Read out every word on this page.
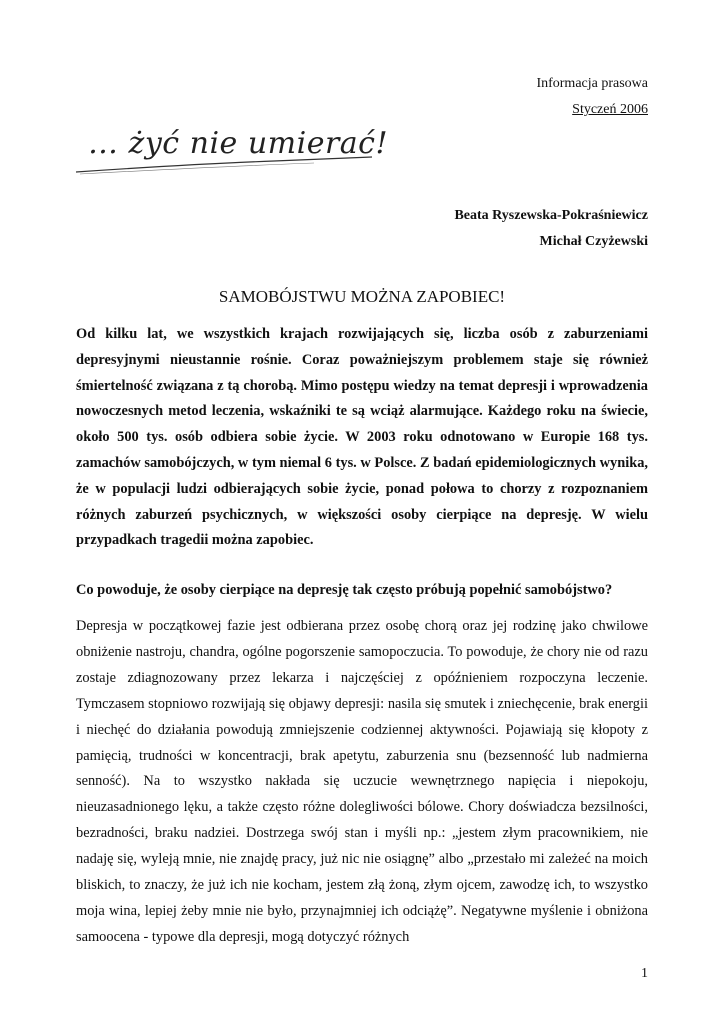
Informacja prasowa
Styczeń 2006
… żyć nie umierać!
Beata Ryszewska-Pokraśniewicz
Michał Czyżewski
SAMOBÓJSTWU MOŻNA ZAPOBIEC!

Od kilku lat, we wszystkich krajach rozwijających się, liczba osób z zaburzeniami depresyjnymi nieustannie rośnie. Coraz poważniejszym problemem staje się również śmiertelność związana z tą chorobą. Mimo postępu wiedzy na temat depresji i wprowadzenia nowoczesnych metod leczenia, wskaźniki te są wciąż alarmujące. Każdego roku na świecie, około 500 tys. osób odbiera sobie życie. W 2003 roku odnotowano w Europie 168 tys. zamachów samobójczych, w tym niemal 6 tys. w Polsce. Z badań epidemiologicznych wynika, że w populacji ludzi odbierających sobie życie, ponad połowa to chorzy z rozpoznaniem różnych zaburzeń psychicznych, w większości osoby cierpiące na depresję. W wielu przypadkach tragedii można zapobiec.

Co powoduje, że osoby cierpiące na depresję tak często próbują popełnić samobójstwo?

Depresja w początkowej fazie jest odbierana przez osobę chorą oraz jej rodzinę jako chwilowe obniżenie nastroju, chandra, ogólne pogorszenie samopoczucia. To powoduje, że chory nie od razu zostaje zdiagnozowany przez lekarza i najczęściej z opóźnieniem rozpoczyna leczenie. Tymczasem stopniowo rozwijają się objawy depresji: nasila się smutek i zniechęcenie, brak energii i niechęć do działania powodują zmniejszenie codziennej aktywności. Pojawiają się kłopoty z pamięcią, trudności w koncentracji, brak apetytu, zaburzenia snu (bezsenność lub nadmierna senność). Na to wszystko nakłada się uczucie wewnętrznego napięcia i niepokoju, nieuzasadnionego lęku, a także często różne dolegliwości bólowe. Chory doświadcza bezsilności, bezradności, braku nadziei. Dostrzega swój stan i myśli np.: „jestem złym pracownikiem, nie nadaję się, wyleją mnie, nie znajdę pracy, już nic nie osiągnę” albo „przestało mi zależeć na moich bliskich, to znaczy, że już ich nie kocham, jestem złą żoną, złym ojcem, zawodzę ich, to wszystko moja wina, lepiej żeby mnie nie było, przynajmniej ich odciążę”. Negatywne myślenie i obniżona samoocena - typowe dla depresji, mogą dotyczyć różnych

1
